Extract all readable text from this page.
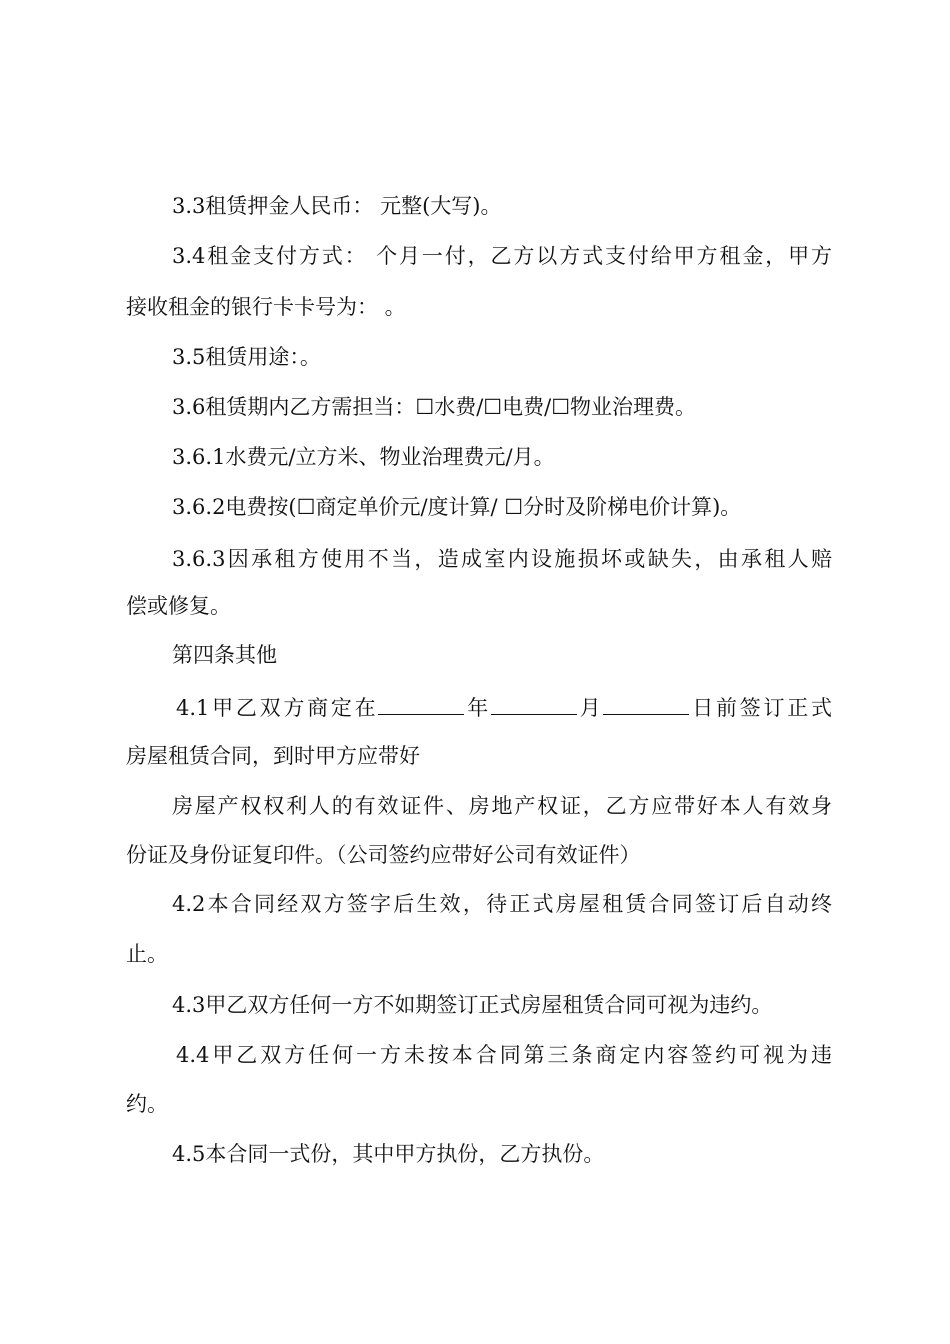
3.3租赁押金人民币： 元整(大写)。
3.4租金支付方式： 个月一付，乙方以方式支付给甲方租金，甲方
接收租金的银行卡卡号为： 。
3.5租赁用途：。
3.6租赁期内乙方需担当：☐水费/☐电费/☐物业治理费。
3.6.1水费元/立方米、物业治理费元/月。
3.6.2电费按(☐商定单价元/度计算/ ☐分时及阶梯电价计算)。
3.6.3因承租方使用不当，造成室内设施损坏或缺失，由承租人赔
偿或修复。
第四条其他
4.1甲乙双方商定在	年	月	日前签订正式
房屋租赁合同，到时甲方应带好
房屋产权权利人的有效证件、房地产权证，乙方应带好本人有效身
份证及身份证复印件。（公司签约应带好公司有效证件）
4.2本合同经双方签字后生效，待正式房屋租赁合同签订后自动终
止。
4.3甲乙双方任何一方不如期签订正式房屋租赁合同可视为违约。
4.4甲乙双方任何一方未按本合同第三条商定内容签约可视为违
约。
4.5本合同一式份，其中甲方执份，乙方执份。
